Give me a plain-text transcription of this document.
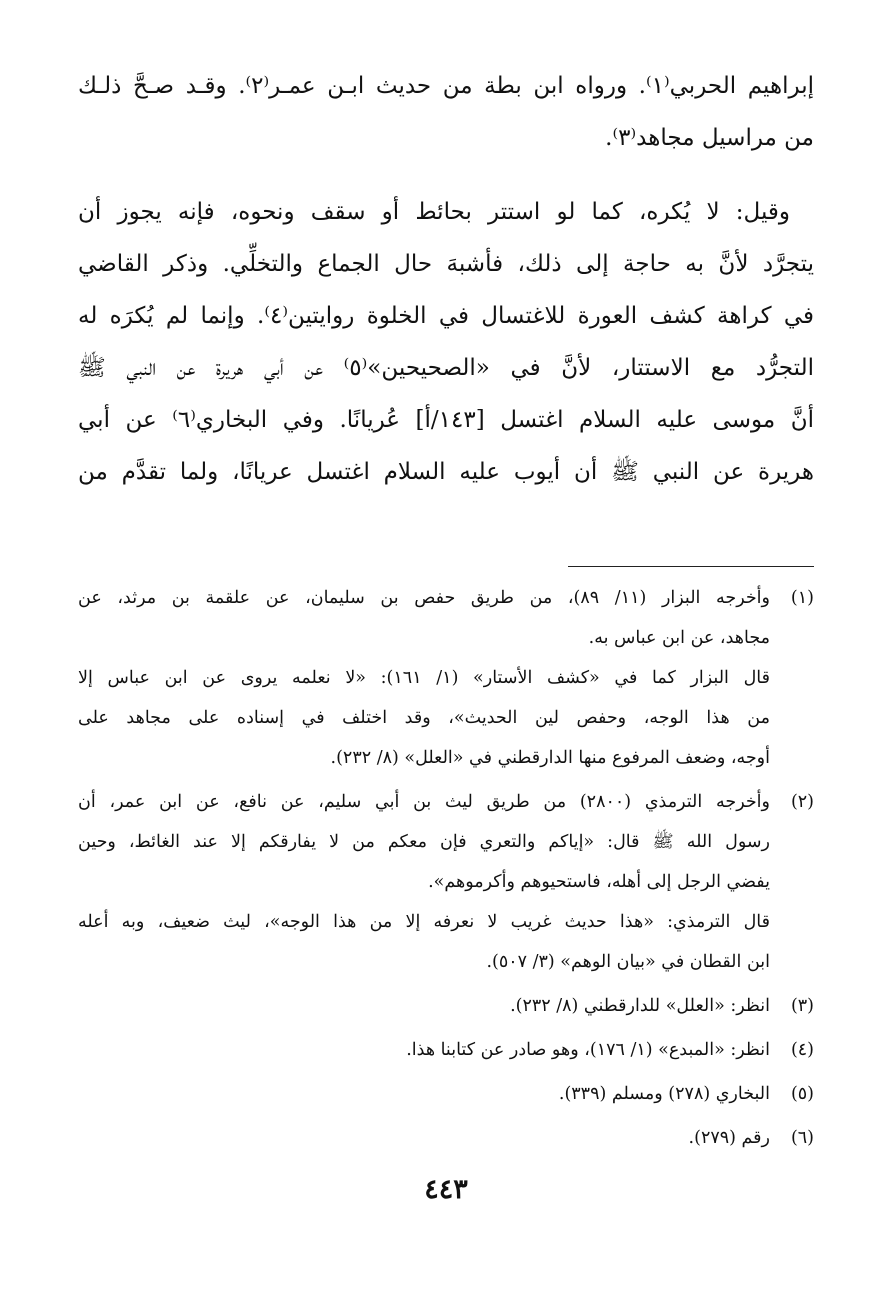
إبراهيم الحربي⁽١⁾. ورواه ابن بطة من حديث ابـن عمـر⁽٢⁾. وقـد صـحَّ ذلـك
من مراسيل مجاهد⁽٣⁾.
وقيل: لا يُكره، كما لو استتر بحائط أو سقف ونحوه، فإنه يجوز أن
يتجرَّد لأنَّ به حاجة إلى ذلك، فأشبهَ حال الجماع والتخلِّي. وذكر القاضي
في كراهة كشف العورة للاغتسال في الخلوة روايتين⁽٤⁾. وإنما لم يُكرَه له
التجرُّد مع الاستتار، لأنَّ في «الصحيحين»⁽٥⁾ عن أبي هريرة عن النبي ﷺ
أنَّ موسى عليه السلام اغتسل [١٤٣/أ] عُريانًا. وفي البخاري⁽٦⁾ عن أبي
هريرة عن النبي ﷺ أن أيوب عليه السلام اغتسل عريانًا، ولما تقدَّم من
(١)وأخرجه البزار (١١/ ٨٩)، من طريق حفص بن سليمان، عن علقمة بن مرثد، عن
مجاهد، عن ابن عباس به.
قال البزار كما في «كشف الأستار» (١/ ١٦١): «لا نعلمه يروى عن ابن عباس إلا
من هذا الوجه، وحفص لين الحديث»، وقد اختلف في إسناده على مجاهد على
أوجه، وضعف المرفوع منها الدارقطني في «العلل» (٨/ ٢٣٢).
(٢)وأخرجه الترمذي (٢٨٠٠) من طريق ليث بن أبي سليم، عن نافع، عن ابن عمر، أن
رسول الله ﷺ قال: «إياكم والتعري فإن معكم من لا يفارقكم إلا عند الغائط، وحين
يفضي الرجل إلى أهله، فاستحيوهم وأكرموهم».
قال الترمذي: «هذا حديث غريب لا نعرفه إلا من هذا الوجه»، ليث ضعيف، وبه أعله
ابن القطان في «بيان الوهم» (٣/ ٥٠٧).
(٣)انظر: «العلل» للدارقطني (٨/ ٢٣٢).
(٤)انظر: «المبدع» (١/ ١٧٦)، وهو صادر عن كتابنا هذا.
(٥)البخاري (٢٧٨) ومسلم (٣٣٩).
(٦)رقم (٢٧٩).
٤٤٣
